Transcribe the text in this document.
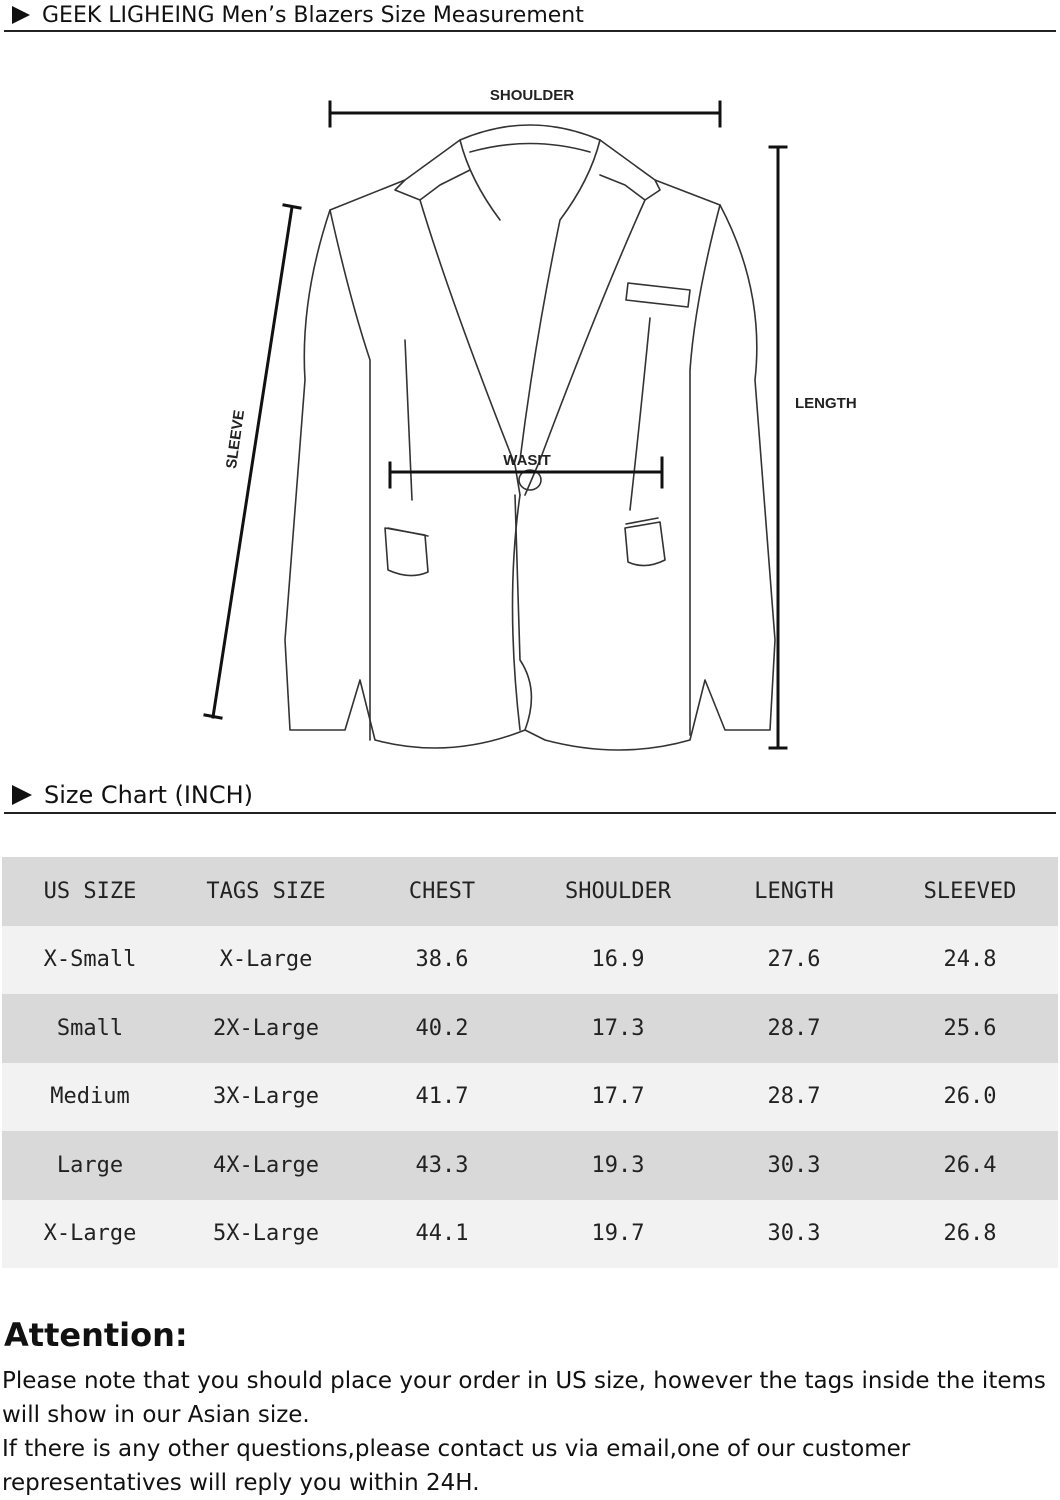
GEEK LIGHEING Men’s Blazers Size Measurement
SHOULDER
LENGTH
SLEEVE	WASIT
Size Chart (INCH)
US SIZE	TAGS SIZE	CHEST	SHOULDER	LENGTH	SLEEVED
X-Small	X-Large	38.6	16.9	27.6	24.8
Small	2X-Large	40.2	17.3	28.7	25.6
Medium	3X-Large	41.7	17.7	28.7	26.0
Large	4X-Large	43.3	19.3	30.3	26.4
X-Large	5X-Large	44.1	19.7	30.3	26.8
Attention:

Please note that you should place your order in US size, however the tags inside the items will show in our Asian size.

If there is any other questions,please contact us via email,one of our customer representatives will reply you within 24H.
